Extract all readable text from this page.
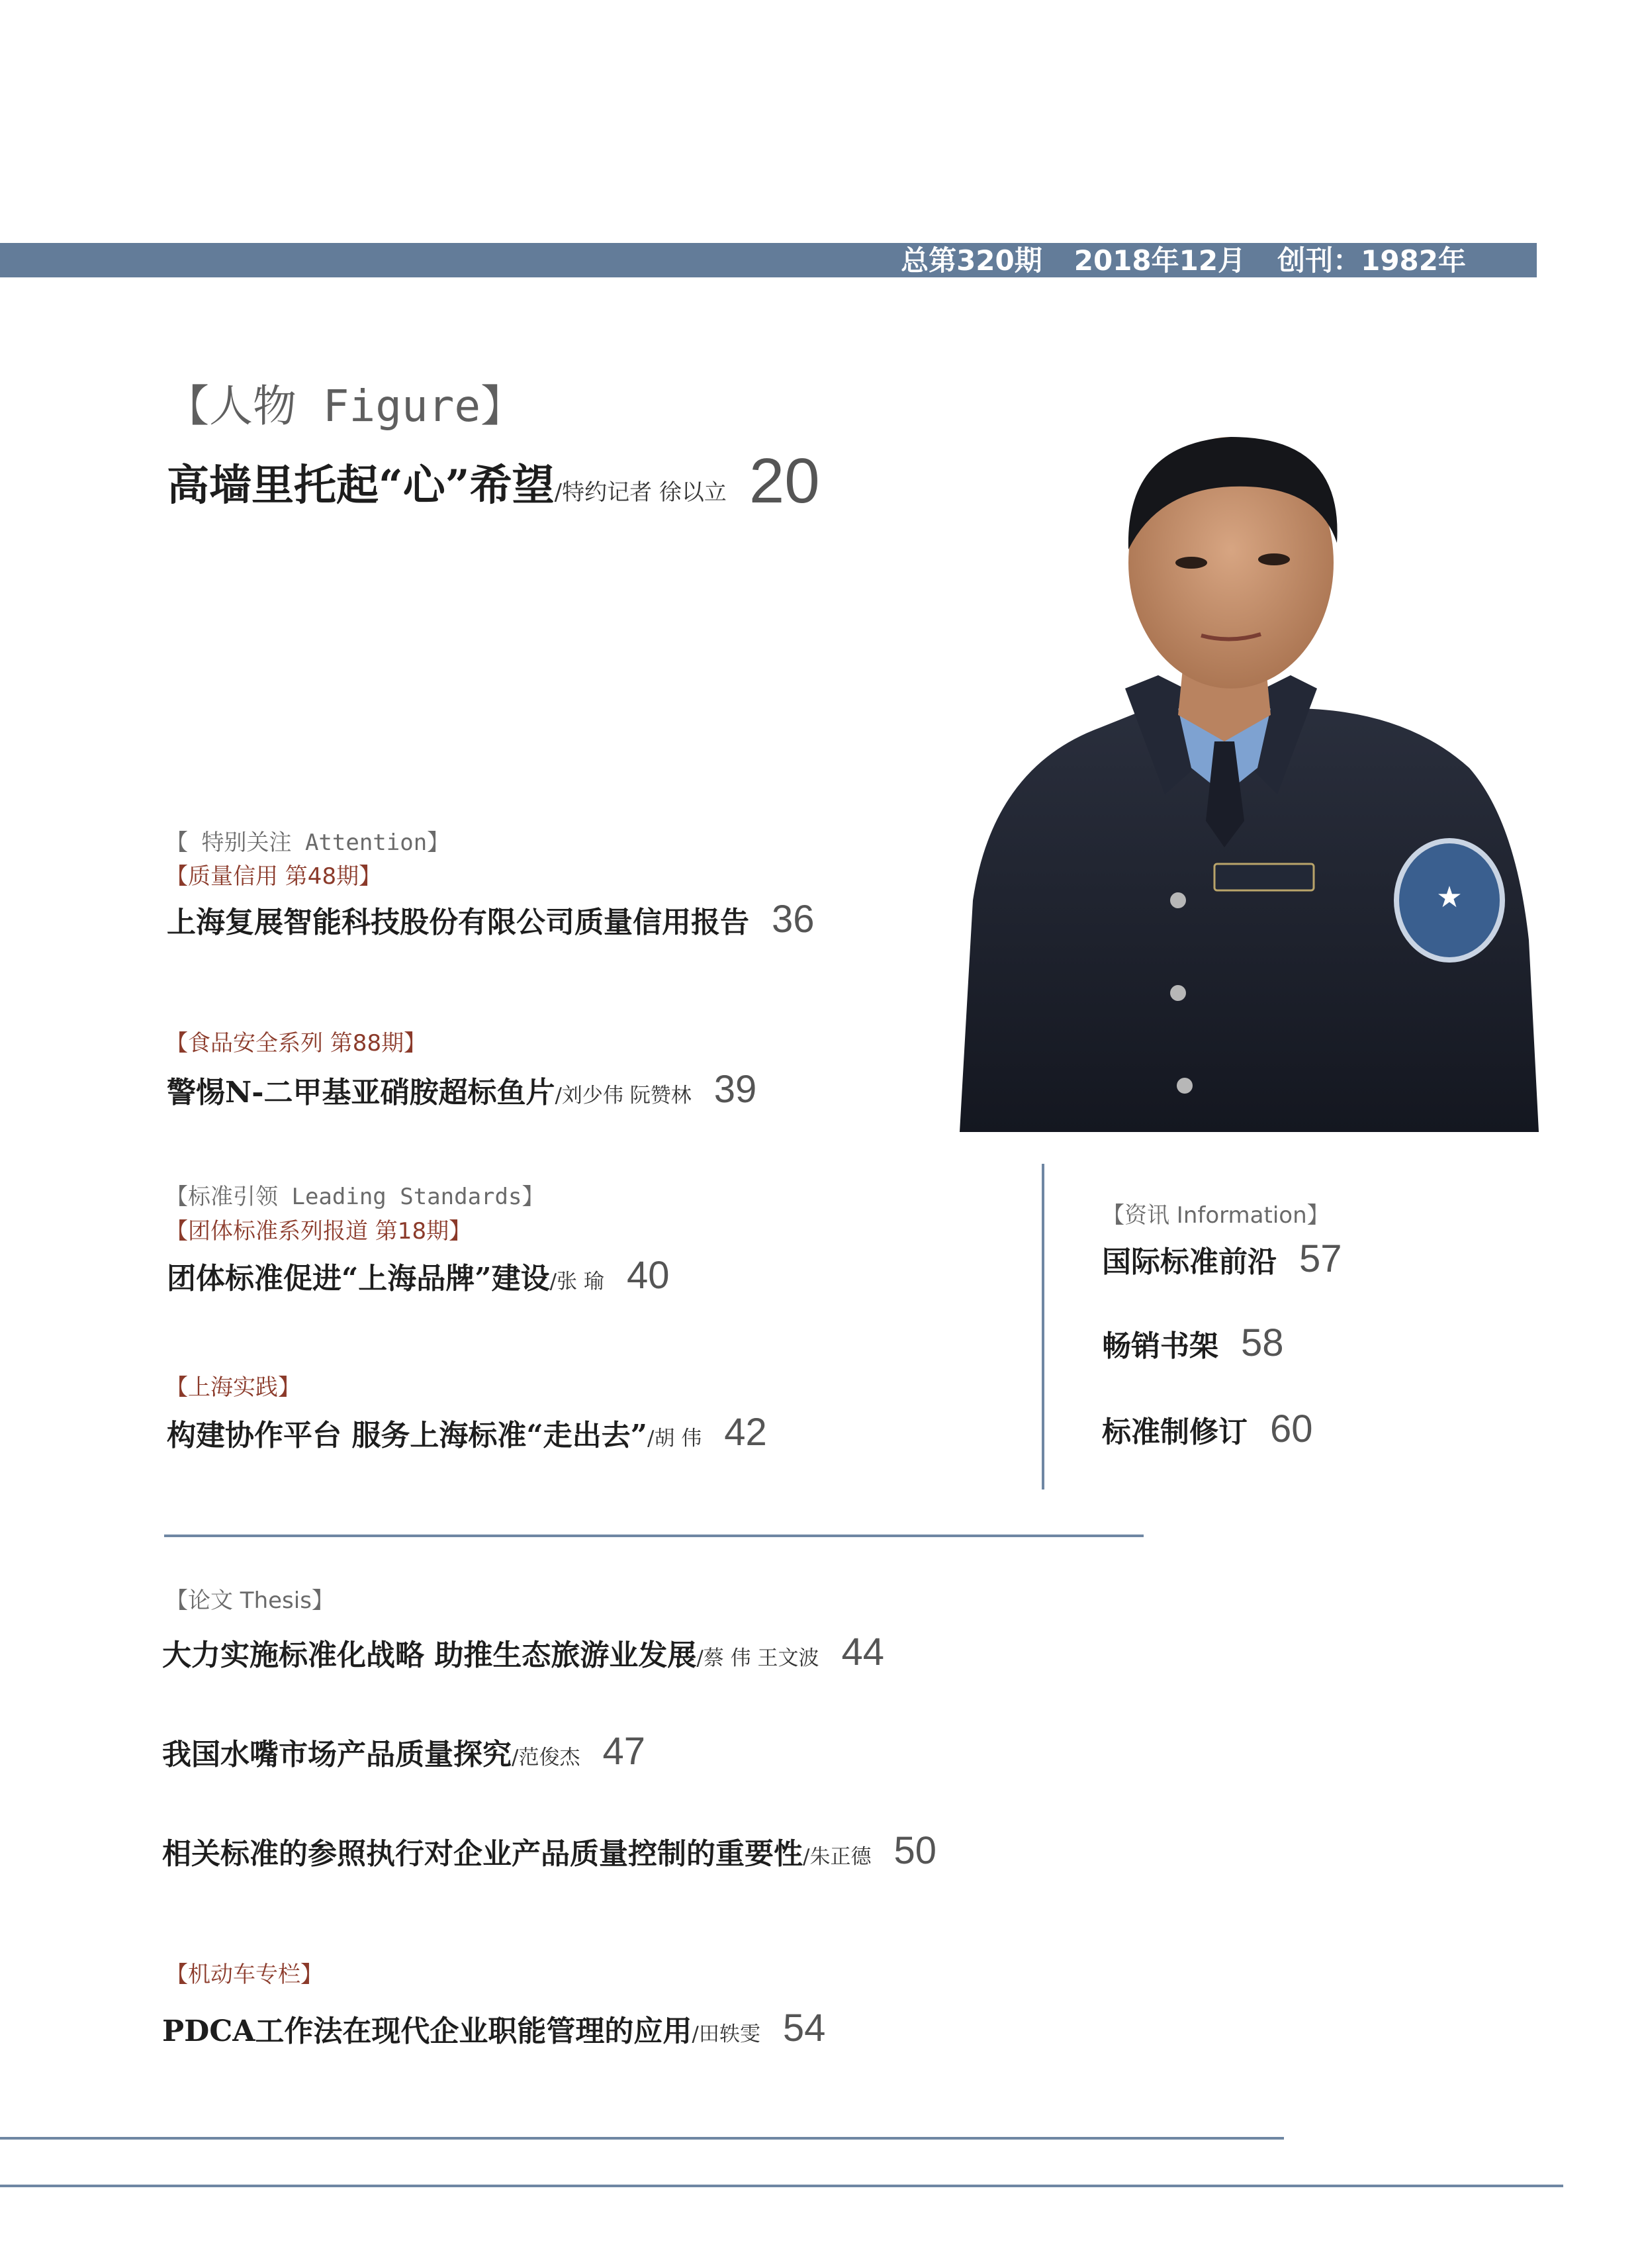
总第320期 2018年12月 创刊：1982年
【人物 Figure】
高墙里托起“心”希望/特约记者 徐以立 20
★
【 特别关注 Attention】
【质量信用 第48期】
上海复展智能科技股份有限公司质量信用报告 36
【食品安全系列 第88期】
警惕N-二甲基亚硝胺超标鱼片/刘少伟 阮赞林 39
【标准引领 Leading Standards】
【团体标准系列报道 第18期】
团体标准促进“上海品牌”建设/张 瑜 40
【上海实践】
构建协作平台 服务上海标准“走出去”/胡 伟 42
【资讯 Information】
国际标准前沿 57
畅销书架 58
标准制修订 60
【论文 Thesis】
大力实施标准化战略 助推生态旅游业发展/蔡 伟 王文波 44
我国水嘴市场产品质量探究/范俊杰 47
相关标准的参照执行对企业产品质量控制的重要性/朱正德 50
【机动车专栏】
PDCA工作法在现代企业职能管理的应用/田轶雯 54
